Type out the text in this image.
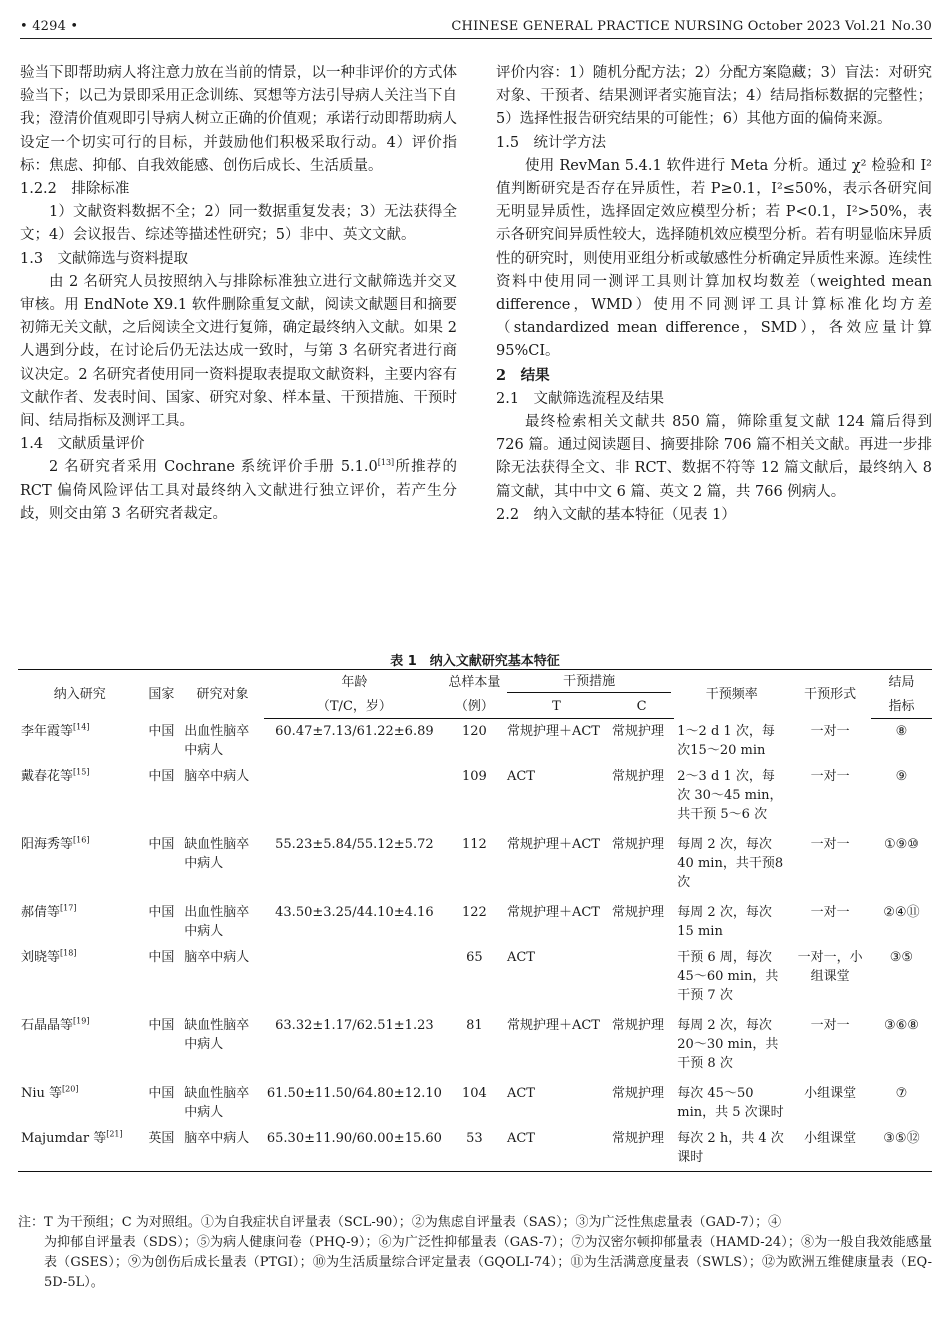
• 4294 •	CHINESE GENERAL PRACTICE NURSING October 2023 Vol.21 No.30

验当下即帮助病人将注意力放在当前的情景，以一种非评价的方式体验当下；以己为景即采用正念训练、冥想等方法引导病人关注当下自我；澄清价值观即引导病人树立正确的价值观；承诺行动即帮助病人设定一个切实可行的目标，并鼓励他们积极采取行动。4）评价指标：焦虑、抑郁、自我效能感、创伤后成长、生活质量。

1.2.2　排除标准

1）文献资料数据不全；2）同一数据重复发表；3）无法获得全文；4）会议报告、综述等描述性研究；5）非中、英文文献。

1.3　文献筛选与资料提取

由 2 名研究人员按照纳入与排除标准独立进行文献筛选并交叉审核。用 EndNote X9.1 软件删除重复文献，阅读文献题目和摘要初筛无关文献，之后阅读全文进行复筛，确定最终纳入文献。如果 2 人遇到分歧，在讨论后仍无法达成一致时，与第 3 名研究者进行商议决定。2 名研究者使用同一资料提取表提取文献资料，主要内容有文献作者、发表时间、国家、研究对象、样本量、干预措施、干预时间、结局指标及测评工具。

1.4　文献质量评价

2 名研究者采用 Cochrane 系统评价手册 5.1.0[13]所推荐的 RCT 偏倚风险评估工具对最终纳入文献进行独立评价，若产生分歧，则交由第 3 名研究者裁定。

评价内容：1）随机分配方法；2）分配方案隐藏；3）盲法：对研究对象、干预者、结果测评者实施盲法；4）结局指标数据的完整性；5）选择性报告研究结果的可能性；6）其他方面的偏倚来源。

1.5　统计学方法

使用 RevMan 5.4.1 软件进行 Meta 分析。通过 χ² 检验和 I² 值判断研究是否存在异质性，若 P≥0.1，I²≤50%，表示各研究间无明显异质性，选择固定效应模型分析；若 P<0.1，I²>50%，表示各研究间异质性较大，选择随机效应模型分析。若有明显临床异质性的研究时，则使用亚组分析或敏感性分析确定异质性来源。连续性资料中使用同一测评工具则计算加权均数差（weighted mean difference，WMD）使用不同测评工具计算标准化均方差（standardized mean difference，SMD），各效应量计算 95%CI。

2　结果

2.1　文献筛选流程及结果

最终检索相关文献共 850 篇，筛除重复文献 124 篇后得到 726 篇。通过阅读题目、摘要排除 706 篇不相关文献。再进一步排除无法获得全文、非 RCT、数据不符等 12 篇文献后，最终纳入 8 篇文献，其中中文 6 篇、英文 2 篇，共 766 例病人。

2.2　纳入文献的基本特征（见表 1）

表 1　纳入文献研究基本特征
纳入研究	国家	研究对象	年龄	总样本量	干预措施		干预频率	干预形式	结局
			（T/C，岁）	（例）	T	C			指标
李年霞等[14]	中国	出血性脑卒中病人	60.47±7.13/61.22±6.89	120	常规护理＋ACT	常规护理	1～2 d 1 次，每次15～20 min	一对一	⑧
戴春花等[15]	中国	脑卒中病人		109	ACT	常规护理	2～3 d 1 次，每次 30～45 min，共干预 5～6 次	一对一	⑨
阳海秀等[16]	中国	缺血性脑卒中病人	55.23±5.84/55.12±5.72	112	常规护理＋ACT	常规护理	每周 2 次，每次40 min，共干预8 次	一对一	①⑨⑩
郝倩等[17]	中国	出血性脑卒中病人	43.50±3.25/44.10±4.16	122	常规护理＋ACT	常规护理	每周 2 次，每次15 min	一对一	②④⑪
刘晓等[18]	中国	脑卒中病人		65	ACT		干预 6 周，每次45～60 min，共干预 7 次	一对一，小组课堂	③⑤
石晶晶等[19]	中国	缺血性脑卒中病人	63.32±1.17/62.51±1.23	81	常规护理＋ACT	常规护理	每周 2 次，每次20～30 min，共干预 8 次	一对一	③⑥⑧
Niu 等[20]	中国	缺血性脑卒中病人	61.50±11.50/64.80±12.10	104	ACT	常规护理	每次 45～50 min，共 5 次课时	小组课堂	⑦
Majumdar 等[21]	英国	脑卒中病人	65.30±11.90/60.00±15.60	53	ACT	常规护理	每次 2 h，共 4 次课时	小组课堂	③⑤⑫
注：T 为干预组；C 为对照组。①为自我症状自评量表（SCL-90）；②为焦虑自评量表（SAS）；③为广泛性焦虑量表（GAD-7）；④
为抑郁自评量表（SDS）；⑤为病人健康问卷（PHQ-9）；⑥为广泛性抑郁量表（GAS-7）；⑦为汉密尔顿抑郁量表（HAMD-24）；⑧为一般自我效能感量表（GSES）；⑨为创伤后成长量表（PTGI）；⑩为生活质量综合评定量表（GQOLI-74）；⑪为生活满意度量表（SWLS）；⑫为欧洲五维健康量表（EQ-5D-5L）。
